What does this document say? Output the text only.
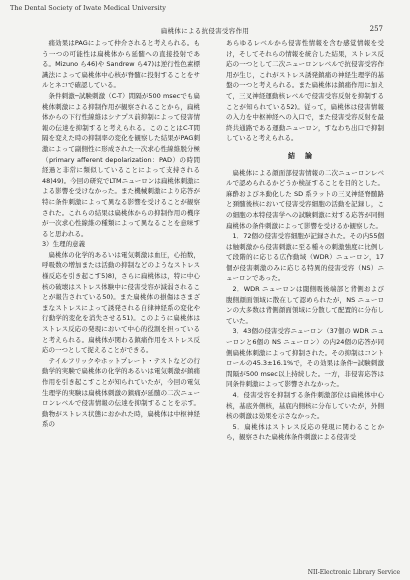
The Dental Society of Iwate Medical University
扁桃体による抗侵害受容作用	257

痛効果はPAGによって仲介されると考えられる。もう一つの可能性は扁桃体から延髄への直接投射である。Mizuno ら46)や Sandrew ら47)は逆行性色素標識法によって扁桃体中心核が脊髄に投射することをサルとネコで確認している。

条件刺激─試験刺激（C-T）間隔が500 msecでも扁桃体刺激による抑制作用が観察されることから，扁桃体からの下行性線維はシナプス前抑制によって侵害情報の伝達を抑制すると考えられる。このことはC-T間隔を変えた時の抑制率の変化を観察した結果がPAG刺激によって副側性に形成された一次求心性線維脱分極（primary afferent depolarization：PAD）の時間経過と非常に類似していることによって支持される48)49)。今回の研究でLTMニューロンは扁桃体刺激による影響を受けなかった。また機械刺激により応答が特に条件刺激によって異なる影響を受けることが観察された。これらの結果は扁桃体からの抑制作用の機序が一次求心性線維の種類によって異なることを意味すると思われる。

3）生理的意義

扁桃体の化学的あるいは電気刺激は血圧，心拍数，呼吸数の増加または活動の抑制などのようなストレス様反応を引き起こす5)8)，さらに扁桃体は，特に中心核の破壊はストレス体験中に侵害受容が減弱されることが報告されている50)。また扁桃体の損傷はさまざまなストレスによって誘発される自律神経系の変化や行動学的変化を消失させる51)。このように扁桃体はストレス反応の発現において中心的役割を担っていると考えられる。扁桃体が関わる鎮痛作用をストレス反応の一つとして捉えることができる。

テイルフリックやホットプレート・テストなどの行動学的実験で扁桃体の化学的あるいは電気刺激が鎮痛作用を引き起こすことが知られていたが，今回の電気生理学的実験は扁桃体刺激の鎮痛が延髄の二次ニューロンレベルで侵害情報の伝達を抑制することを示す。動物がストレス状態におかれた時，扁桃体は中枢神経系の

あらゆるレベルから侵害性情報を含む感覚情報を受け，そしてそれらの情報を統合した結果，ストレス反応の一つとして二次ニューロンレベルで抗侵害受容作用が生じ，これがストレス誘発鎮痛の神経生理学的基盤の一つと考えられる。また扁桃体は鎮痛作用に加えて，三叉神経運動核レベルで侵害受容反射を抑制することが知られている52)。従って，扁桃体は侵害情報の入力を中枢神経への入口で，また侵害受容反射を最終共通路である運動ニューロン，すなわち出口で抑制していると考えられる。

結論

扁桃体による顔面部侵害情報の二次ニューロンレベルで認められるかどうか検証することを目的とした。麻酔およびネ動化した SD 系ラットの三叉神経脊髄路と頚髄後核において侵害受容細胞の活動を記録し，この細胞の本特侵害学への試験刺激に対する応答が同側扁桃体の条件刺激によって影響を受けるか観察した。

1．72個の侵害受容細胞が記録された。その内55個は触刺激から侵害刺激に至る種々の刺激強度に比例して段階的に応じる広作動域（WDR）ニューロン，17個が侵害刺激のみに応じる特異的侵害受容（NS）ニューロンであった。

2．WDR ニューロンは閾側吸後端部と背側および腹側顔面領域に散在して認められたが，NS ニューロンの大多数は背側顔面領域に分散して配置的に分布していた。

3．43個の侵害受容ニューロン（37個の WDR ニューロンと6個の NS ニューロン）の内24個の応答が同側扁桃体刺激によって抑制された。その抑制はコントロールの45.3±16.1%で，その効果は条件─試験刺激間隔が500 msec以上持続した。一方，非侵害応答は同条件刺激によって影響されなかった。

4．侵害受容を抑制する条件刺激部位は扁桃体中心核，基底外側核，基底内側核に分布していたが，外側核の刺激は効果を示さなかった。

5．扁桃体はストレス反応の発現に関わることから，観察された扁桃体条件刺激による侵害受

NII-Electronic Library Service
